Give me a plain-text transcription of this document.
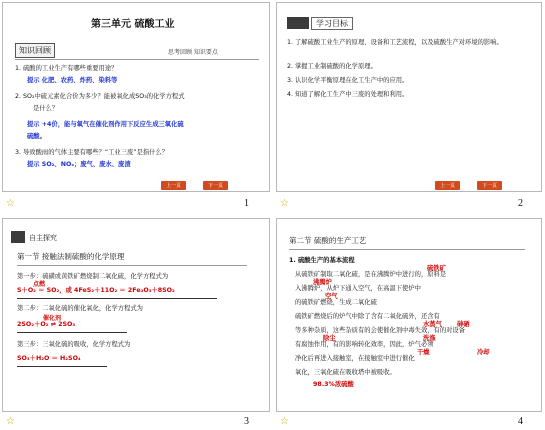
第三单元 硫酸工业
知识回顾	思考回顾 知识要点
1. 硫酸的工业生产有哪些重要用途？
提示 化肥、农药、炸药、染料等
2. SO₂中硫元素化合价为多少？能被氧化成SO₃的化学方程式
是什么？
提示 +4价，能与氧气在催化剂作用下反应生成三氧化硫
硫酸。
3. 导致酸雨的气体主要有哪些？“工业三废”是指什么？
提示 SO₂、NOₓ；废气、废水、废渣
上一页	下一页
☆	1
学习目标
1. 了解硫酸工业生产的原理、设备和工艺流程，以及硫酸生产对环境的影响。
2. 掌握工业制硫酸的化学原理。
3. 认识化学平衡原理在化工生产中的应用。
4. 知道了解化工生产中三废的处理和利用。
上一页	下一页
☆	2
自主探究
第一节 接触法制硫酸的化学原理
第一步：硫磺或黄铁矿燃烧制二氧化硫，化学方程式为
S＋O₂ ＝ SO₂，或 4FeS₂＋11O₂ ＝ 2Fe₂O₃＋8SO₂
点燃
第二步：二氧化硫的催化氧化，化学方程式为
2SO₂＋O₂ ⇌ 2SO₃
催化剂
第三步：三氧化硫的吸收，化学方程式为
SO₃＋H₂O ＝ H₂SO₄
☆	3
第二节 硫酸的生产工艺
1. 硫酸生产的基本流程
从硫铁矿制取二氧化硫，是在沸腾炉中进行的，原料是
入沸腾炉，从炉下通入空气，在高温下使炉中
的硫铁矿燃烧，生成二氧化硫
硫铁矿燃烧后的炉气中除了含有二氧化硫外，还含有
等多种杂质，这些杂质有的会使催化剂中毒失效，有的对设备
有腐蚀作用，有的影响转化效率，因此，炉气必须
净化后再进入接触室，在接触室中进行催化
氧化，三氧化硫在吸收塔中被吸收。
硫铁矿
沸腾炉
空气
水蒸气 砷硒
除尘	洗涤
干燥	冷却
98.3%浓硫酸
☆	4
